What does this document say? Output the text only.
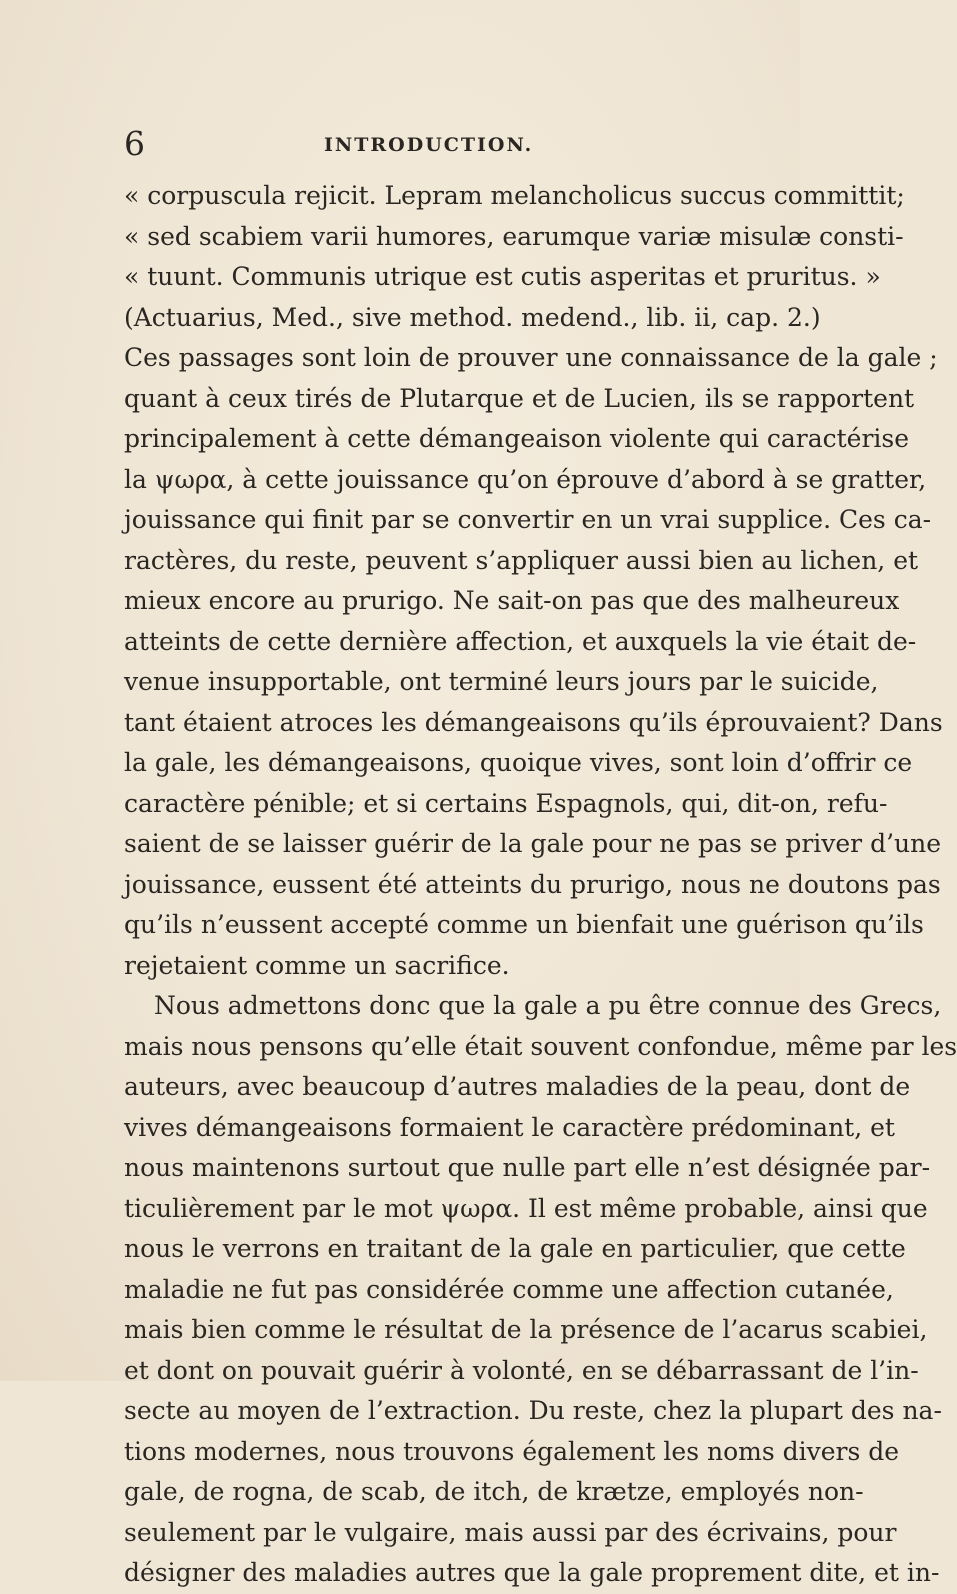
6	INTRODUCTION.
« corpuscula rejicit. Lepram melancholicus succus committit;
« sed scabiem varii humores, earumque variæ misulæ consti-
« tuunt. Communis utrique est cutis asperitas et pruritus. »
(Actuarius, Med., sive method. medend., lib. ii, cap. 2.)
Ces passages sont loin de prouver une connaissance de la gale ;
quant à ceux tirés de Plutarque et de Lucien, ils se rapportent
principalement à cette démangeaison violente qui caractérise
la ψωρα, à cette jouissance qu’on éprouve d’abord à se gratter,
jouissance qui finit par se convertir en un vrai supplice. Ces ca-
ractères, du reste, peuvent s’appliquer aussi bien au lichen, et
mieux encore au prurigo. Ne sait-on pas que des malheureux
atteints de cette dernière affection, et auxquels la vie était de-
venue insupportable, ont terminé leurs jours par le suicide,
tant étaient atroces les démangeaisons qu’ils éprouvaient? Dans
la gale, les démangeaisons, quoique vives, sont loin d’offrir ce
caractère pénible; et si certains Espagnols, qui, dit-on, refu-
saient de se laisser guérir de la gale pour ne pas se priver d’une
jouissance, eussent été atteints du prurigo, nous ne doutons pas
qu’ils n’eussent accepté comme un bienfait une guérison qu’ils
rejetaient comme un sacrifice.
Nous admettons donc que la gale a pu être connue des Grecs,
mais nous pensons qu’elle était souvent confondue, même par les
auteurs, avec beaucoup d’autres maladies de la peau, dont de
vives démangeaisons formaient le caractère prédominant, et
nous maintenons surtout que nulle part elle n’est désignée par-
ticulièrement par le mot ψωρα. Il est même probable, ainsi que
nous le verrons en traitant de la gale en particulier, que cette
maladie ne fut pas considérée comme une affection cutanée,
mais bien comme le résultat de la présence de l’acarus scabiei,
et dont on pouvait guérir à volonté, en se débarrassant de l’in-
secte au moyen de l’extraction. Du reste, chez la plupart des na-
tions modernes, nous trouvons également les noms divers de
gale, de rogna, de scab, de itch, de krætze, employés non-
seulement par le vulgaire, mais aussi par des écrivains, pour
désigner des maladies autres que la gale proprement dite, et in-
